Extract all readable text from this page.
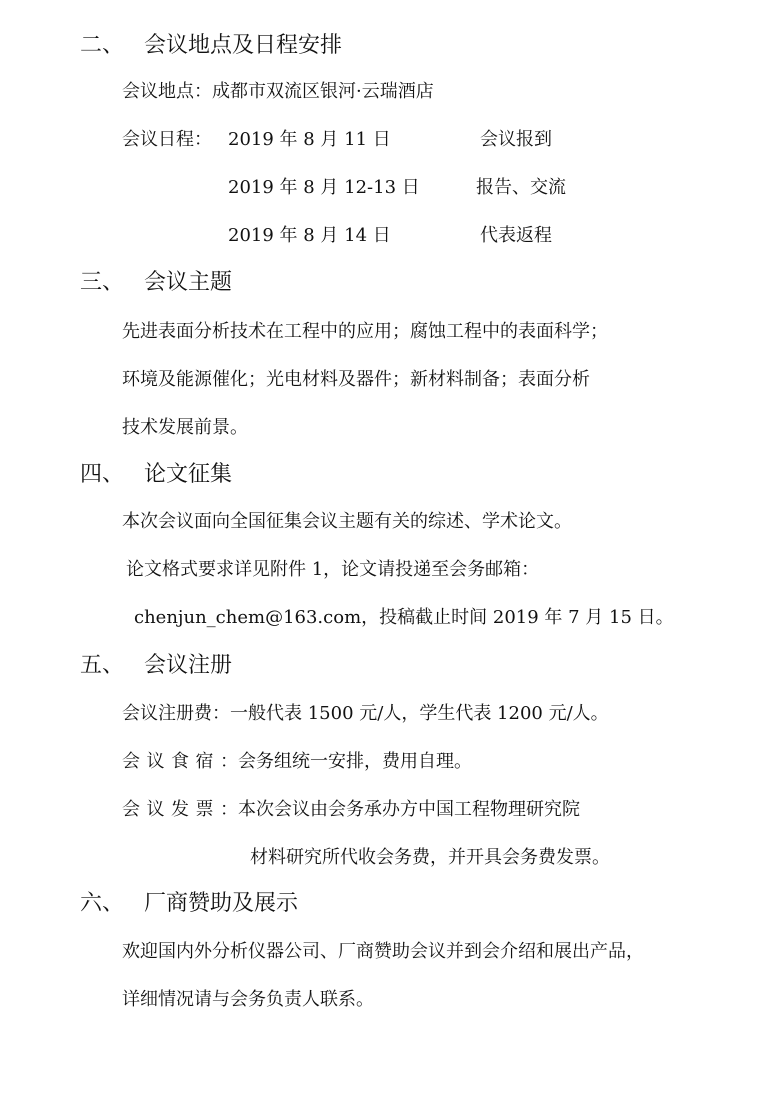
二、 会议地点及日程安排
会议地点：成都市双流区银河·云瑞酒店
会议日程： 2019 年 8 月 11 日	会议报到
2019 年 8 月 12-13 日	报告、交流
2019 年 8 月 14 日	代表返程
三、 会议主题
先进表面分析技术在工程中的应用；腐蚀工程中的表面科学；
环境及能源催化；光电材料及器件；新材料制备；表面分析
技术发展前景。
四、 论文征集
本次会议面向全国征集会议主题有关的综述、学术论文。
论文格式要求详见附件 1，论文请投递至会务邮箱：
chenjun_chem@163.com，投稿截止时间 2019 年 7 月 15 日。
五、 会议注册
会议注册费：一般代表 1500 元/人，学生代表 1200 元/人。
会议食宿：会务组统一安排，费用自理。
会议发票：本次会议由会务承办方中国工程物理研究院
材料研究所代收会务费，并开具会务费发票。
六、 厂商赞助及展示
欢迎国内外分析仪器公司、厂商赞助会议并到会介绍和展出产品，
详细情况请与会务负责人联系。
